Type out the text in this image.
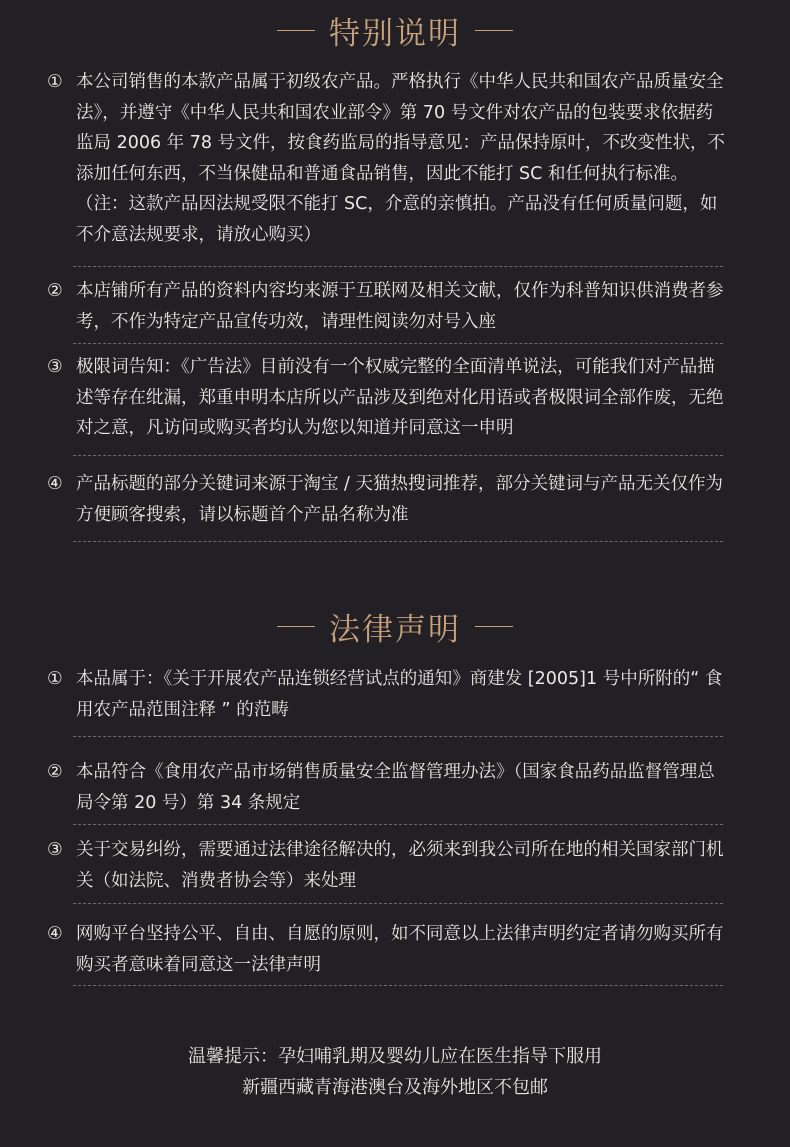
特别说明
① 本公司销售的本款产品属于初级农产品。严格执行《中华人民共和国农产品质量安全法》，并遵守《中华人民共和国农业部令》第 70 号文件对农产品的包装要求依据药监局 2006 年 78 号文件，按食药监局的指导意见：产品保持原叶，不改变性状，不添加任何东西，不当保健品和普通食品销售，因此不能打 SC 和任何执行标准。（注：这款产品因法规受限不能打 SC，介意的亲慎拍。产品没有任何质量问题，如不介意法规要求，请放心购买）
② 本店铺所有产品的资料内容均来源于互联网及相关文献，仅作为科普知识供消费者参考，不作为特定产品宣传功效，请理性阅读勿对号入座
③ 极限词告知：《广告法》目前没有一个权威完整的全面清单说法，可能我们对产品描述等存在纰漏，郑重申明本店所以产品涉及到绝对化用语或者极限词全部作废，无绝对之意，凡访问或购买者均认为您以知道并同意这一申明
④ 产品标题的部分关键词来源于淘宝 / 天猫热搜词推荐，部分关键词与产品无关仅作为方便顾客搜索，请以标题首个产品名称为准
法律声明
① 本品属于：《关于开展农产品连锁经营试点的通知》商建发 [2005]1 号中所附的“ 食用农产品范围注释 ” 的范畴
② 本品符合《食用农产品市场销售质量安全监督管理办法》（国家食品药品监督管理总局令第 20 号）第 34 条规定
③ 关于交易纠纷，需要通过法律途径解决的，必须来到我公司所在地的相关国家部门机关（如法院、消费者协会等）来处理
④ 网购平台坚持公平、自由、自愿的原则，如不同意以上法律声明约定者请勿购买所有购买者意味着同意这一法律声明
温馨提示：孕妇哺乳期及婴幼儿应在医生指导下服用
新疆西藏青海港澳台及海外地区不包邮
